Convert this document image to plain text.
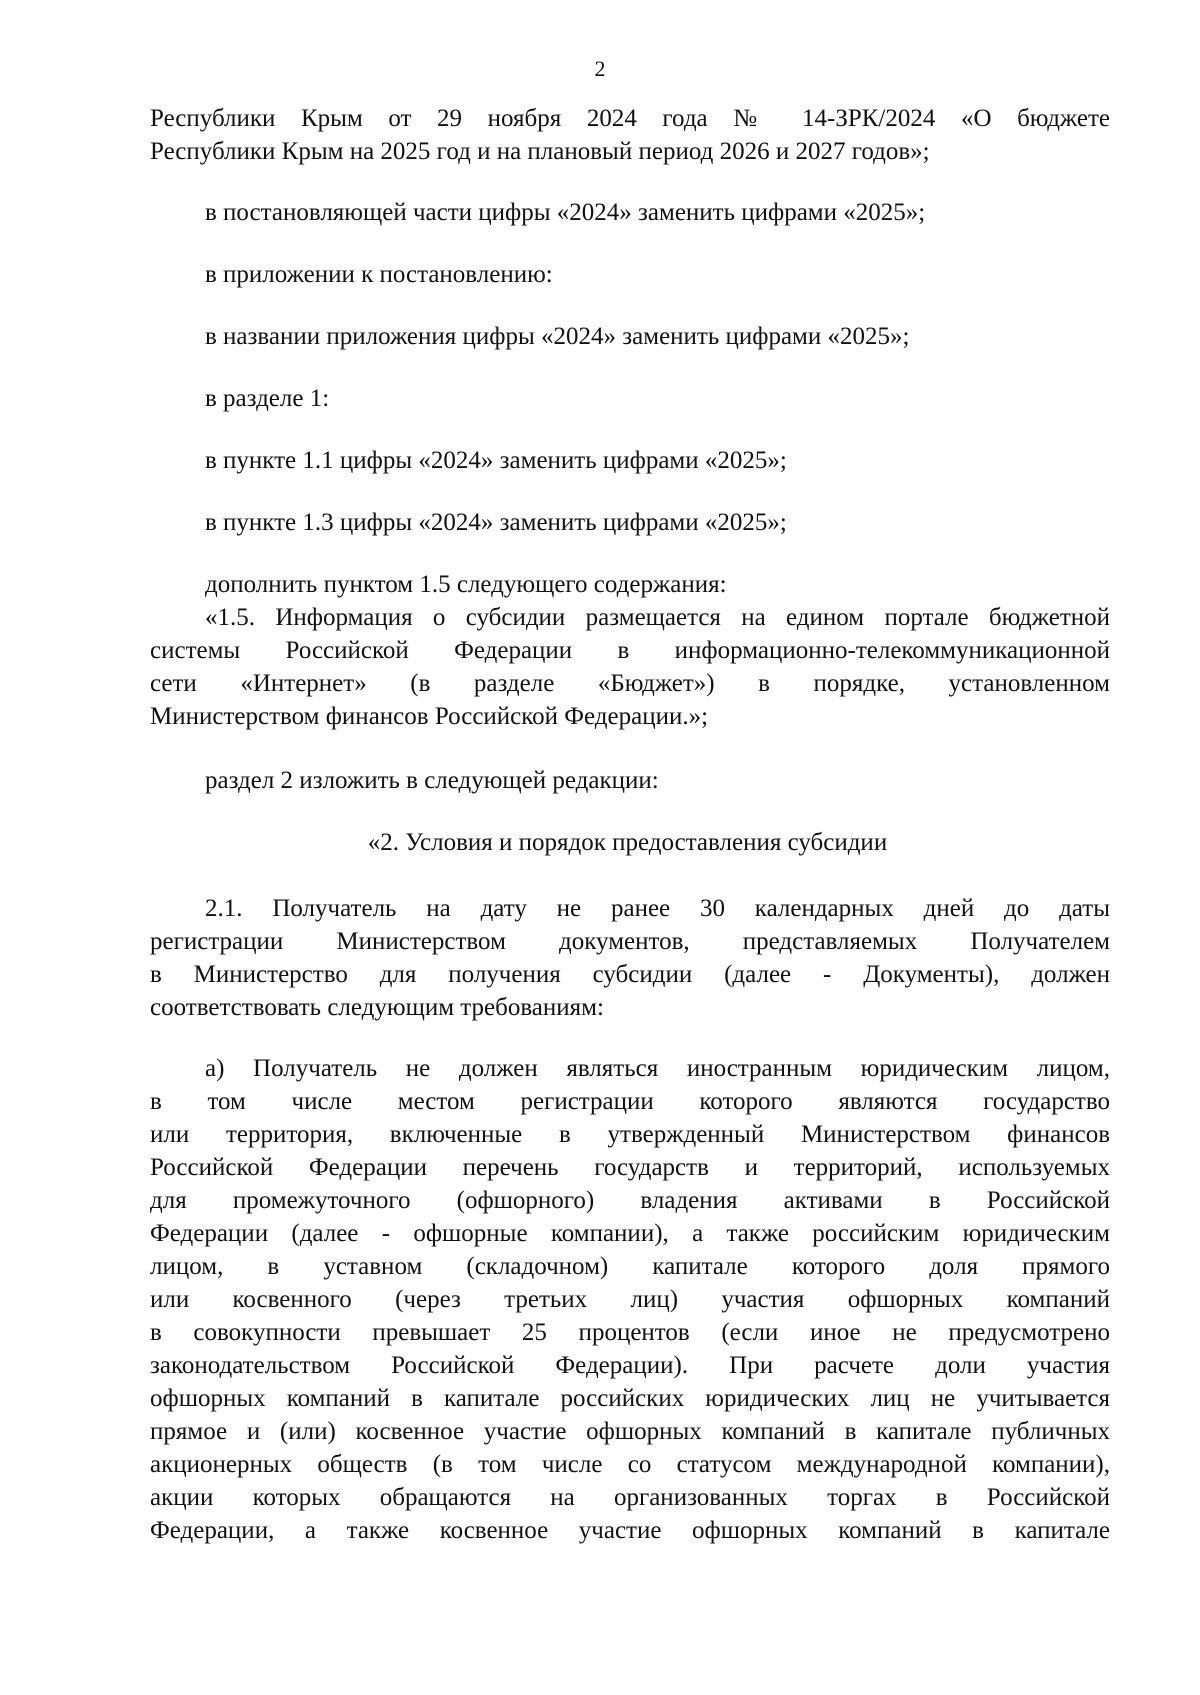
2

Республики Крым от 29 ноября 2024 года № 14-ЗРК/2024 «О бюджете

Республики Крым на 2025 год и на плановый период 2026 и 2027 годов»;

в постановляющей части цифры «2024» заменить цифрами «2025»;

в приложении к постановлению:

в названии приложения цифры «2024» заменить цифрами «2025»;

в разделе 1:

в пункте 1.1 цифры «2024» заменить цифрами «2025»;

в пункте 1.3 цифры «2024» заменить цифрами «2025»;

дополнить пунктом 1.5 следующего содержания:

«1.5. Информация о субсидии размещается на едином портале бюджетной

системы Российской Федерации в информационно-телекоммуникационной

сети «Интернет» (в разделе «Бюджет») в порядке, установленном

Министерством финансов Российской Федерации.»;

раздел 2 изложить в следующей редакции:

«2. Условия и порядок предоставления субсидии

2.1. Получатель на дату не ранее 30 календарных дней до даты

регистрации Министерством документов, представляемых Получателем

в Министерство для получения субсидии (далее - Документы), должен

соответствовать следующим требованиям:

а) Получатель не должен являться иностранным юридическим лицом,

в том числе местом регистрации которого являются государство

или территория, включенные в утвержденный Министерством финансов

Российской Федерации перечень государств и территорий, используемых

для промежуточного (офшорного) владения активами в Российской

Федерации (далее - офшорные компании), а также российским юридическим

лицом, в уставном (складочном) капитале которого доля прямого

или косвенного (через третьих лиц) участия офшорных компаний

в совокупности превышает 25 процентов (если иное не предусмотрено

законодательством Российской Федерации). При расчете доли участия

офшорных компаний в капитале российских юридических лиц не учитывается

прямое и (или) косвенное участие офшорных компаний в капитале публичных

акционерных обществ (в том числе со статусом международной компании),

акции которых обращаются на организованных торгах в Российской

Федерации, а также косвенное участие офшорных компаний в капитале
